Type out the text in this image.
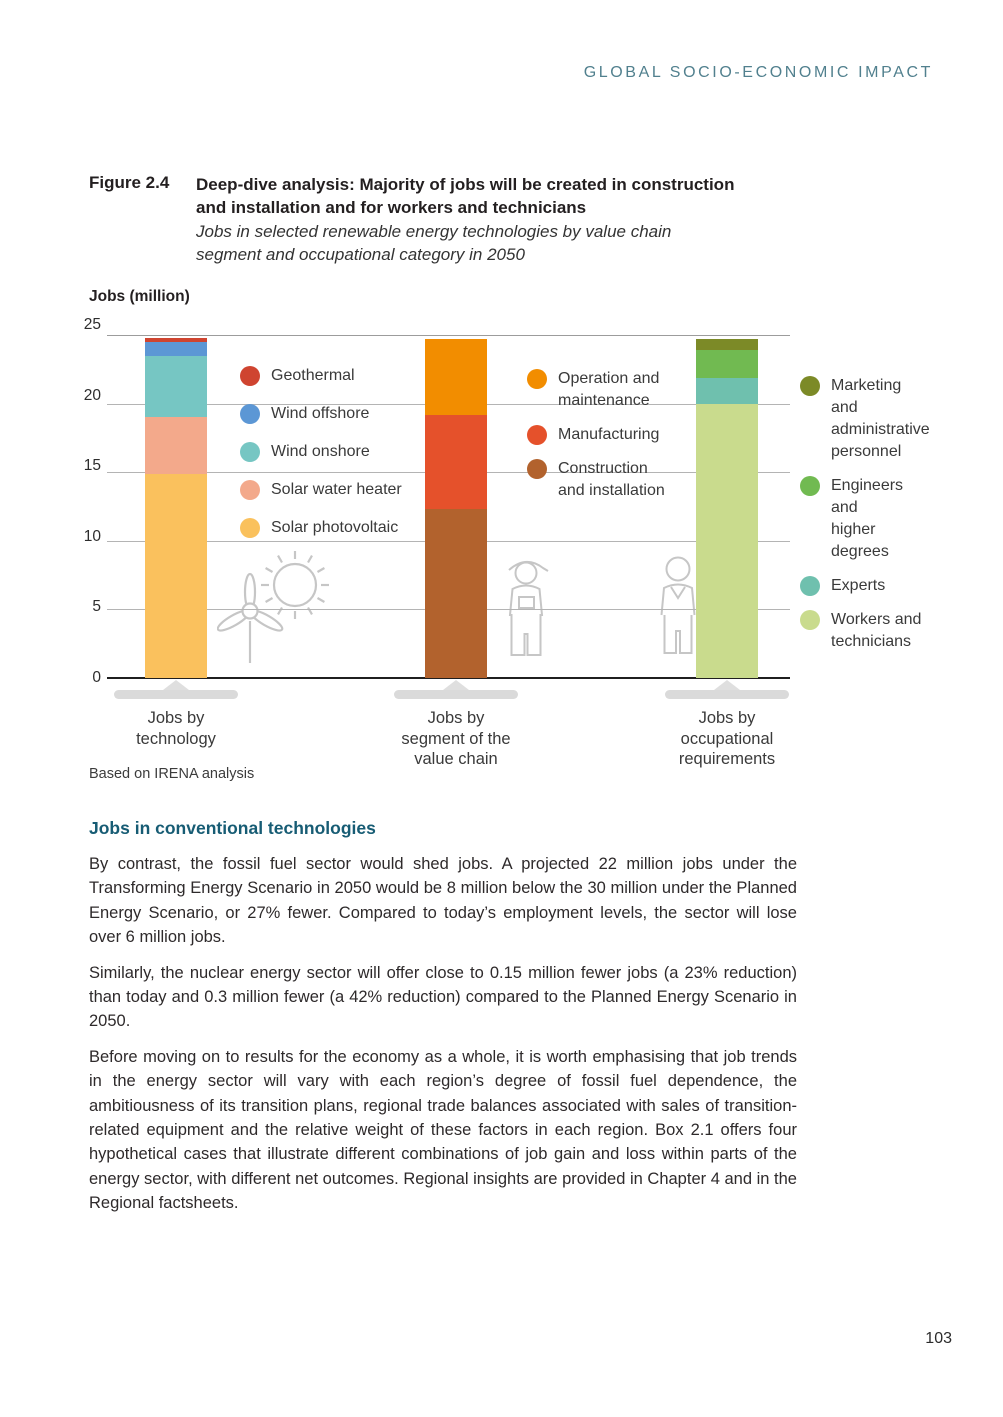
GLOBAL SOCIO-ECONOMIC IMPACT
Figure 2.4	Deep-dive analysis: Majority of jobs will be created in construction and installation and for workers and technicians
Jobs in selected renewable energy technologies by value chain segment and occupational category in 2050
Jobs (million)
0
5
10
15
20
25
Geothermal
Wind offshore
Wind onshore
Solar water heater
Solar photovoltaic
Operation and
maintenance
Manufacturing
Construction
and installation
Marketing and
administrative
personnel
Engineers and
higher degrees
Experts
Workers and
technicians
Based on IRENA analysis
Jobs by
technology
Jobs by
segment of the
value chain
Jobs by
occupational
requirements
Jobs in conventional technologies

By contrast, the fossil fuel sector would shed jobs. A projected 22 million jobs under the Transforming Energy Scenario in 2050 would be 8 million below the 30 million under the Planned Energy Scenario, or 27% fewer. Compared to today’s employment levels, the sector will lose over 6 million jobs.

Similarly, the nuclear energy sector will offer close to 0.15 million fewer jobs (a 23% reduction) than today and 0.3 million fewer (a 42% reduction) compared to the Planned Energy Scenario in 2050.

Before moving on to results for the economy as a whole, it is worth emphasising that job trends in the energy sector will vary with each region’s degree of fossil fuel dependence, the ambitiousness of its transition plans, regional trade balances associated with sales of transition-related equipment and the relative weight of these factors in each region. Box 2.1 offers four hypothetical cases that illustrate different combinations of job gain and loss within parts of the energy sector, with different net outcomes. Regional insights are provided in Chapter 4 and in the Regional factsheets.

103
